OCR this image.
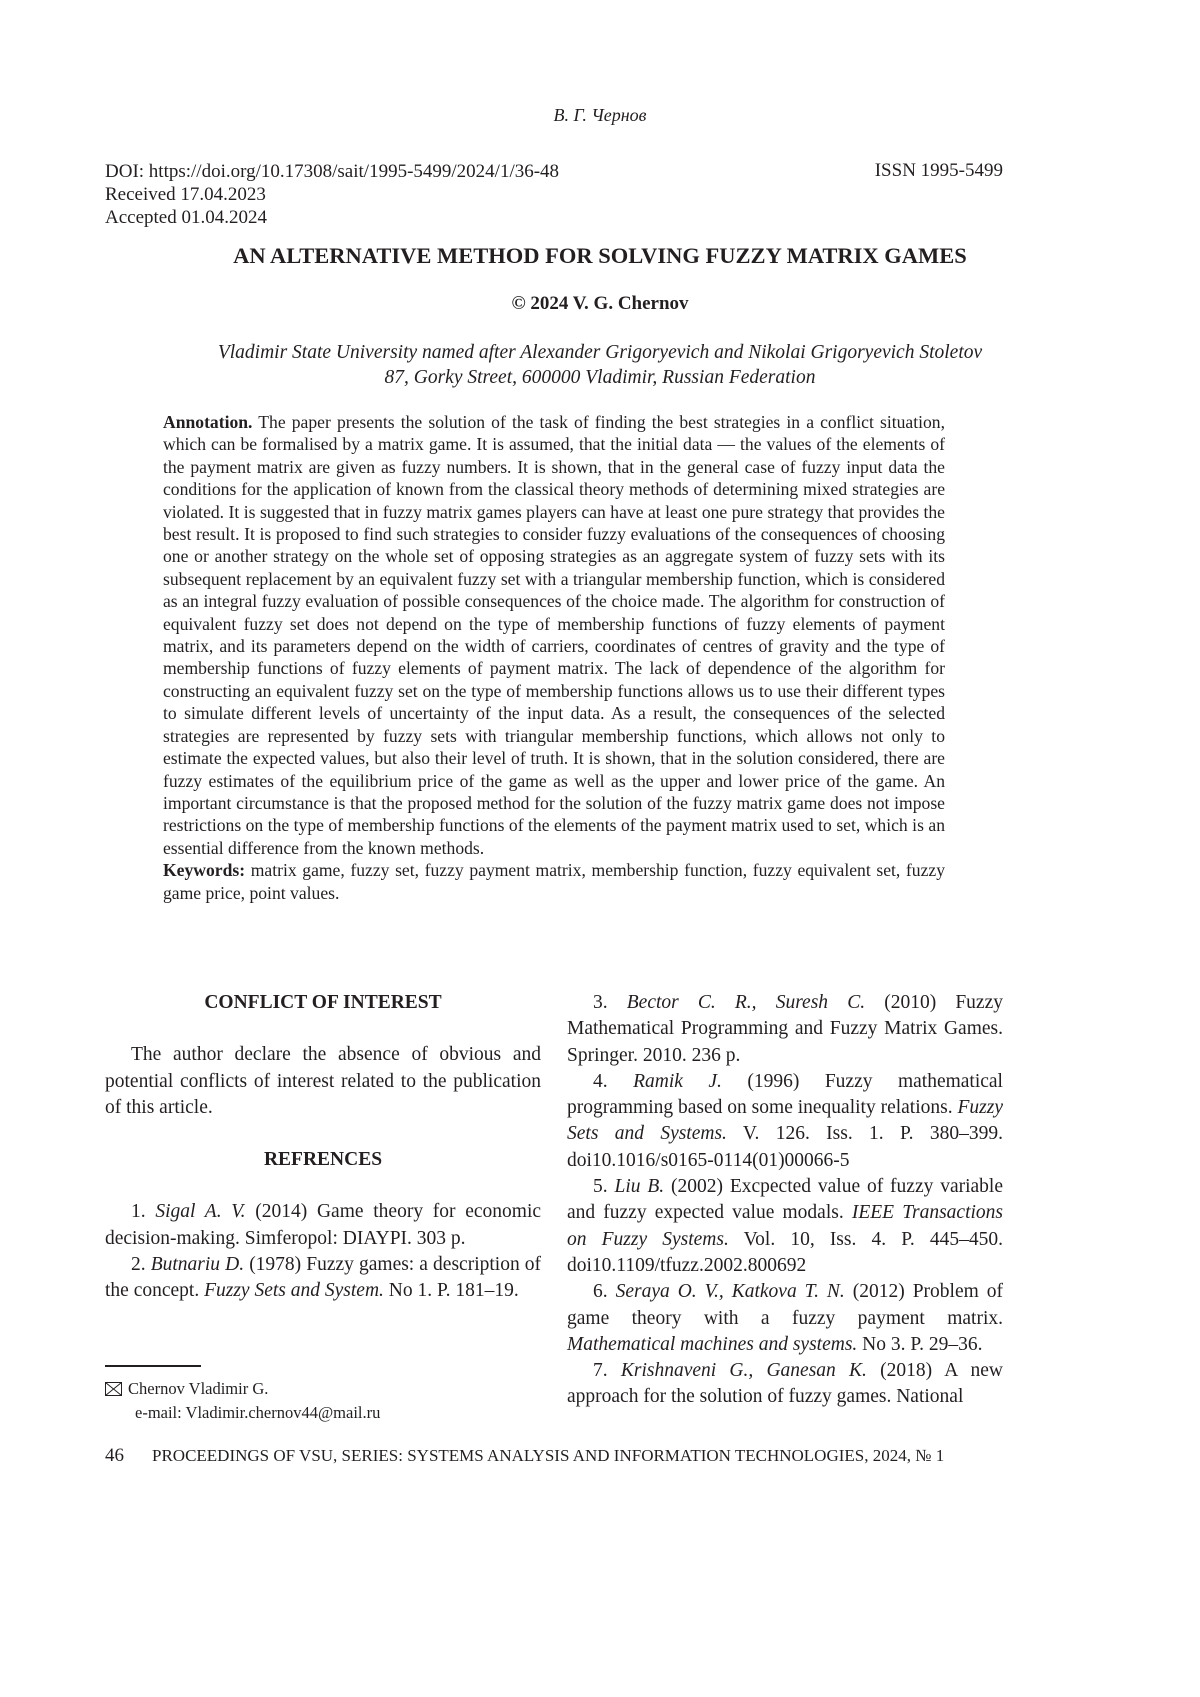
В. Г. Чернов
DOI: https://doi.org/10.17308/sait/1995-5499/2024/1/36-48
Received 17.04.2023
Accepted 01.04.2024
ISSN 1995-5499
AN ALTERNATIVE METHOD FOR SOLVING FUZZY MATRIX GAMES
© 2024 V. G. Chernov
Vladimir State University named after Alexander Grigoryevich and Nikolai Grigoryevich Stoletov
87, Gorky Street, 600000 Vladimir, Russian Federation

Annotation. The paper presents the solution of the task of finding the best strategies in a conflict situation, which can be formalised by a matrix game. It is assumed, that the initial data — the values of the elements of the payment matrix are given as fuzzy numbers. It is shown, that in the general case of fuzzy input data the conditions for the application of known from the classical theory methods of determining mixed strategies are violated. It is suggested that in fuzzy matrix games players can have at least one pure strategy that provides the best result. It is proposed to find such strategies to consider fuzzy evaluations of the consequences of choosing one or another strategy on the whole set of opposing strategies as an aggregate system of fuzzy sets with its subsequent replacement by an equivalent fuzzy set with a triangular membership function, which is considered as an integral fuzzy evaluation of possible consequences of the choice made. The algorithm for construction of equivalent fuzzy set does not depend on the type of membership functions of fuzzy elements of payment matrix, and its parameters depend on the width of carriers, coordinates of centres of gravity and the type of membership functions of fuzzy elements of payment matrix. The lack of dependence of the algorithm for constructing an equivalent fuzzy set on the type of membership functions allows us to use their different types to simulate different levels of uncertainty of the input data. As a result, the consequences of the selected strategies are represented by fuzzy sets with triangular membership functions, which allows not only to estimate the expected values, but also their level of truth. It is shown, that in the solution considered, there are fuzzy estimates of the equilibrium price of the game as well as the upper and lower price of the game. An important circumstance is that the proposed method for the solution of the fuzzy matrix game does not impose restrictions on the type of membership functions of the elements of the payment matrix used to set, which is an essential difference from the known methods.

Keywords: matrix game, fuzzy set, fuzzy payment matrix, membership function, fuzzy equivalent set, fuzzy game price, point values.

CONFLICT OF INTEREST

The author declare the absence of obvious and potential conflicts of interest related to the publication of this article.

REFRENCES

1. Sigal A. V. (2014) Game theory for economic decision-making. Simferopol: DIAYPI. 303 p.

2. Butnariu D. (1978) Fuzzy games: a description of the concept. Fuzzy Sets and System. No 1. P. 181–19.

3. Bector C. R., Suresh C. (2010) Fuzzy Mathematical Programming and Fuzzy Matrix Games. Springer. 2010. 236 p.

4. Ramik J. (1996) Fuzzy mathematical programming based on some inequality relations. Fuzzy Sets and Systems. V. 126. Iss. 1. P. 380–399. doi10.1016/s0165-0114(01)00066-5

5. Liu B. (2002) Excpected value of fuzzy variable and fuzzy expected value modals. IEEE Transactions on Fuzzy Systems. Vol. 10, Iss. 4. P. 445–450. doi10.1109/tfuzz.2002.800692

6. Seraya O. V., Katkova T. N. (2012) Problem of game theory with a fuzzy payment matrix. Mathematical machines and systems. No 3. P. 29–36.

7. Krishnaveni G., Ganesan K. (2018) A new approach for the solution of fuzzy games. National

Chernov Vladimir G.
e-mail: Vladimir.chernov44@mail.ru
46 PROCEEDINGS OF VSU, SERIES: SYSTEMS ANALYSIS AND INFORMATION TECHNOLOGIES, 2024, № 1
